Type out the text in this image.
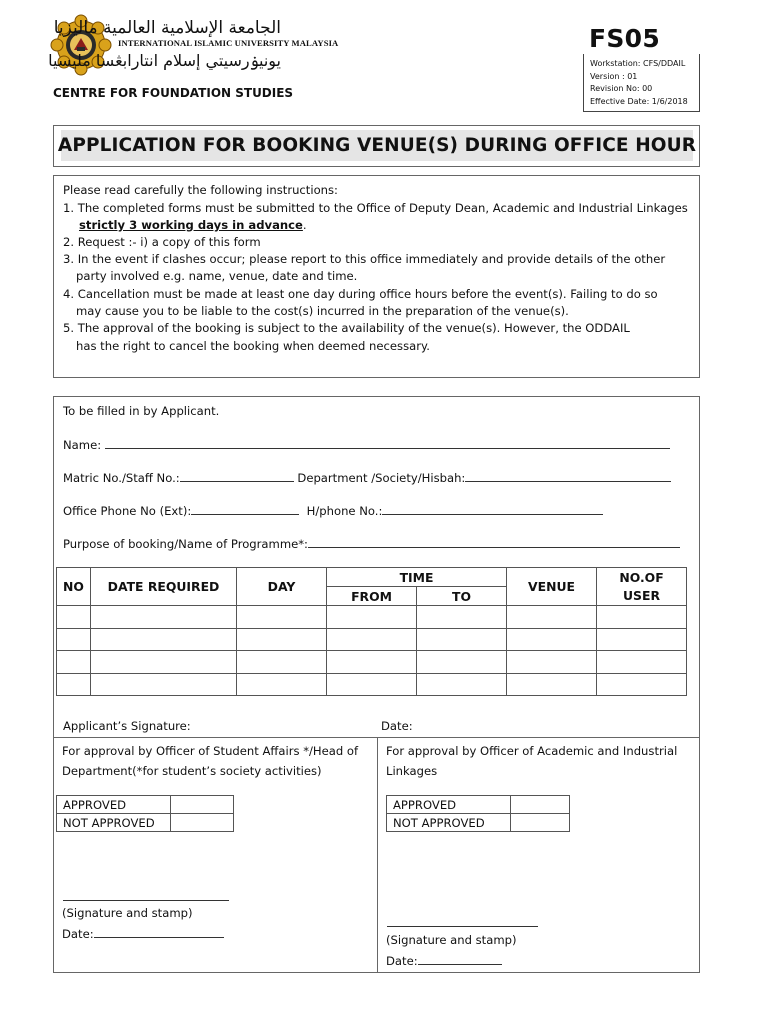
الجامعة الإسلامية العالمية ماليزيا
INTERNATIONAL ISLAMIC UNIVERSITY MALAYSIA
يونيۏرسيتي إسلام انتارابڠسا مليسيا
CENTRE FOR FOUNDATION STUDIES
FS05
Workstation: CFS/DDAIL
Version : 01
Revision No: 00
Effective Date: 1/6/2018
APPLICATION FOR BOOKING VENUE(S) DURING OFFICE HOUR
Please read carefully the following instructions:
1. The completed forms must be submitted to the Office of Deputy Dean, Academic and Industrial Linkages
strictly 3 working days in advance.
2. Request :- i) a copy of this form
3. In the event if clashes occur; please report to this office immediately and provide details of the other
party involved e.g. name, venue, date and time.
4. Cancellation must be made at least one day during office hours before the event(s). Failing to do so
may cause you to be liable to the cost(s) incurred in the preparation of the venue(s).
5. The approval of the booking is subject to the availability of the venue(s). However, the ODDAIL
has the right to cancel the booking when deemed necessary.
To be filled in by Applicant.
Name:
Matric No./Staff No.:	Department /Society/Hisbah:
Office Phone No (Ext):	H/phone No.:
Purpose of booking/Name of Programme*:
Applicant’s Signature:	Date:
NO	DATE REQUIRED	DAY	TIME		VENUE	NO.OF
USER
			FROM	TO		

For approval by Officer of Student Affairs */Head of
Department(*for student’s society activities)
APPROVED	
NOT APPROVED	
(Signature and stamp)
Date:
For approval by Officer of Academic and Industrial
Linkages
APPROVED	
NOT APPROVED	
(Signature and stamp)
Date:
